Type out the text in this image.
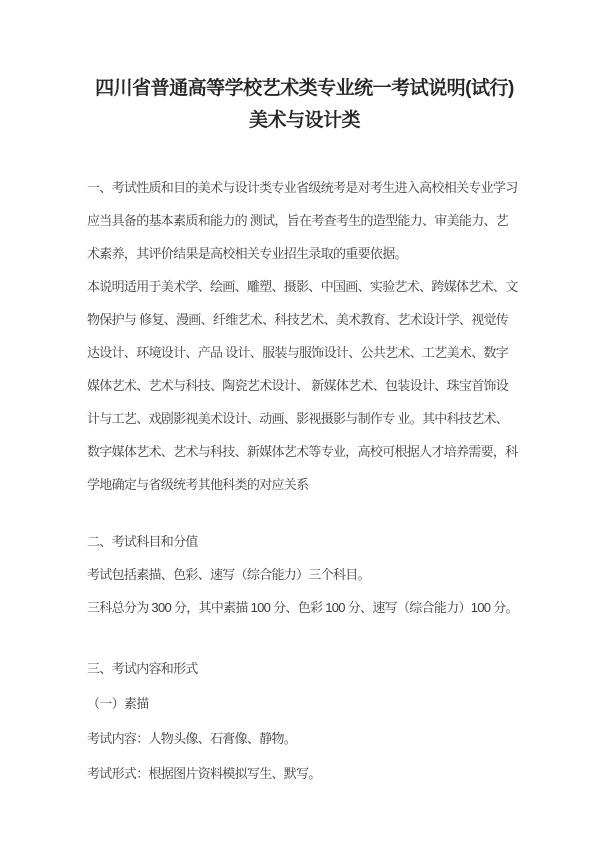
四川省普通高等学校艺术类专业统一考试说明(试行)
美术与设计类
一、考试性质和目的美术与设计类专业省级统考是对考生进入高校相关专业学习
应当具备的基本素质和能力的 测试，旨在考查考生的造型能力、审美能力、艺
术素养，其评价结果是高校相关专业招生录取的重要依据。
本说明适用于美术学、绘画、雕塑、摄影、中国画、实验艺术、跨媒体艺术、文
物保护与 修复、漫画、纤维艺术、科技艺术、美术教育、艺术设计学、视觉传
达设计、环境设计、产品 设计、服装与服饰设计、公共艺术、工艺美术、数字
媒体艺术、艺术与科技、陶瓷艺术设计、 新媒体艺术、包装设计、珠宝首饰设
计与工艺、戏剧影视美术设计、动画、影视摄影与制作专 业。其中科技艺术、
数字媒体艺术、艺术与科技、新媒体艺术等专业，高校可根据人才培养需要，科
学地确定与省级统考其他科类的对应关系
二、考试科目和分值
考试包括素描、色彩、速写（综合能力）三个科目。
三科总分为 300 分，其中素描 100 分、色彩 100 分、速写（综合能力）100 分。
三、考试内容和形式
（一）素描
考试内容：人物头像、石膏像、静物。
考试形式：根据图片资料模拟写生、默写。
